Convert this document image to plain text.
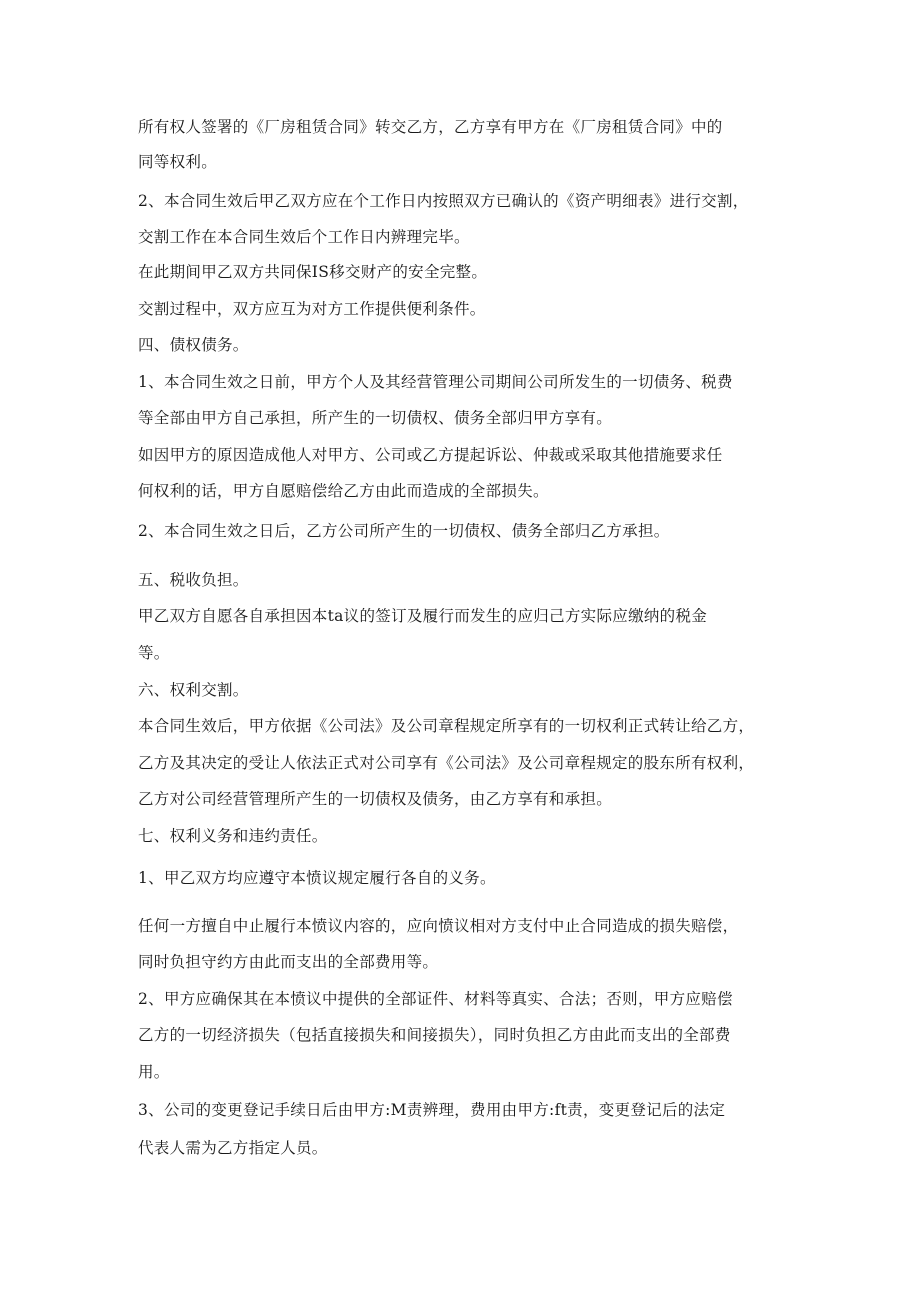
所有权人签署的《厂房租赁合同》转交乙方，乙方享有甲方在《厂房租赁合同》中的
同等权利。
2、本合同生效后甲乙双方应在个工作日内按照双方已确认的《资产明细表》进行交割，
交割工作在本合同生效后个工作日内辨理完毕。
在此期间甲乙双方共同保IS移交财产的安全完整。
交割过程中，双方应互为对方工作提供便利条件。
四、债权债务。
1、本合同生效之日前，甲方个人及其经营管理公司期间公司所发生的一切债务、税费
等全部由甲方自己承担，所产生的一切债权、债务全部归甲方享有。
如因甲方的原因造成他人对甲方、公司或乙方提起诉讼、仲裁或采取其他措施要求任
何权利的话，甲方自愿赔偿给乙方由此而造成的全部损失。
2、本合同生效之日后，乙方公司所产生的一切债权、债务全部归乙方承担。
五、税收负担。
甲乙双方自愿各自承担因本ta议的签订及履行而发生的应归己方实际应缴纳的税金
等。
六、权利交割。
本合同生效后，甲方依据《公司法》及公司章程规定所享有的一切权利正式转让给乙方，
乙方及其决定的受让人依法正式对公司享有《公司法》及公司章程规定的股东所有权利，
乙方对公司经营管理所产生的一切债权及债务，由乙方享有和承担。
七、权利义务和违约责任。
1、甲乙双方均应遵守本愤议规定履行各自的义务。
任何一方擅自中止履行本愤议内容的，应向愤议相对方支付中止合同造成的损失赔偿，
同时负担守约方由此而支出的全部费用等。
2、甲方应确保其在本愤议中提供的全部证件、材料等真实、合法；否则，甲方应赔偿
乙方的一切经济损失（包括直接损失和间接损失），同时负担乙方由此而支出的全部费
用。
3、公司的变更登记手续日后由甲方:M责辨理，费用由甲方:ft责，变更登记后的法定
代表人需为乙方指定人员。
